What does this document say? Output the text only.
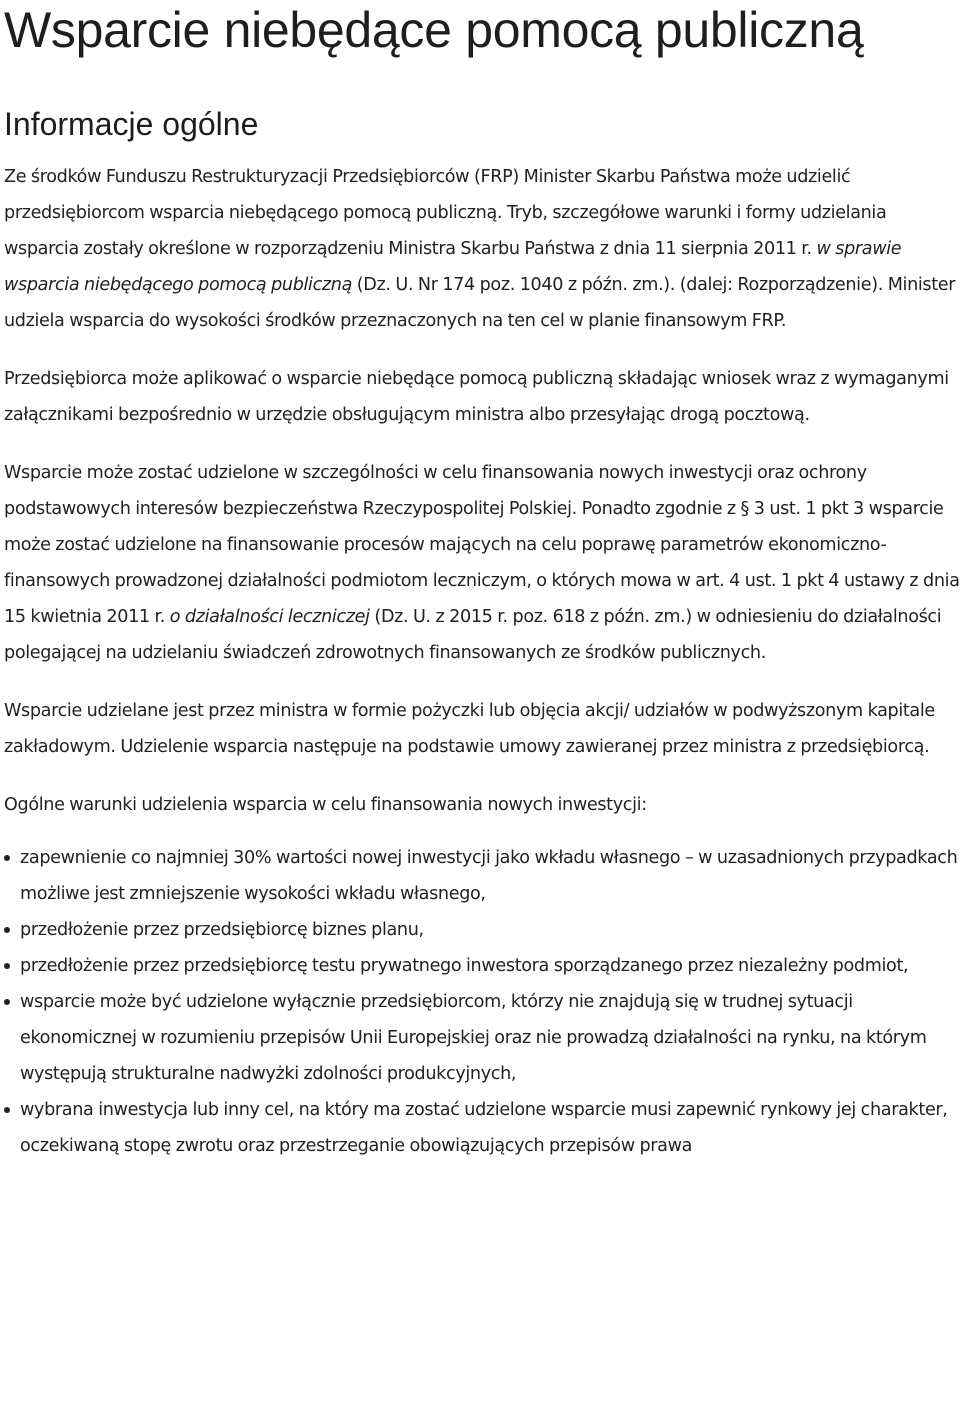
Wsparcie niebędące pomocą publiczną
Informacje ogólne

Ze środków Funduszu Restrukturyzacji Przedsiębiorców (FRP) Minister Skarbu Państwa może udzielić przedsiębiorcom wsparcia niebędącego pomocą publiczną. Tryb, szczegółowe warunki i formy udzielania wsparcia zostały określone w rozporządzeniu Ministra Skarbu Państwa z dnia 11 sierpnia 2011 r. w sprawie wsparcia niebędącego pomocą publiczną (Dz. U. Nr 174 poz. 1040 z późn. zm.). (dalej: Rozporządzenie). Minister udziela wsparcia do wysokości środków przeznaczonych na ten cel w planie finansowym FRP.

Przedsiębiorca może aplikować o wsparcie niebędące pomocą publiczną składając wniosek wraz z wymaganymi załącznikami bezpośrednio w urzędzie obsługującym ministra albo przesyłając drogą pocztową.

Wsparcie może zostać udzielone w szczególności w celu finansowania nowych inwestycji oraz ochrony podstawowych interesów bezpieczeństwa Rzeczypospolitej Polskiej. Ponadto zgodnie z § 3 ust. 1 pkt 3 wsparcie może zostać udzielone na finansowanie procesów mających na celu poprawę parametrów ekonomiczno-finansowych prowadzonej działalności podmiotom leczniczym, o których mowa w art. 4 ust. 1 pkt 4 ustawy z dnia 15 kwietnia 2011 r. o działalności leczniczej (Dz. U. z 2015 r. poz. 618 z późn. zm.) w odniesieniu do działalności polegającej na udzielaniu świadczeń zdrowotnych finansowanych ze środków publicznych.

Wsparcie udzielane jest przez ministra w formie pożyczki lub objęcia akcji/ udziałów w podwyższonym kapitale zakładowym. Udzielenie wsparcia następuje na podstawie umowy zawieranej przez ministra z przedsiębiorcą.

Ogólne warunki udzielenia wsparcia w celu finansowania nowych inwestycji:

zapewnienie co najmniej 30% wartości nowej inwestycji jako wkładu własnego – w uzasadnionych przypadkach możliwe jest zmniejszenie wysokości wkładu własnego,
przedłożenie przez przedsiębiorcę biznes planu,
przedłożenie przez przedsiębiorcę testu prywatnego inwestora sporządzanego przez niezależny podmiot,
wsparcie może być udzielone wyłącznie przedsiębiorcom, którzy nie znajdują się w trudnej sytuacji ekonomicznej w rozumieniu przepisów Unii Europejskiej oraz nie prowadzą działalności na rynku, na którym występują strukturalne nadwyżki zdolności produkcyjnych,
wybrana inwestycja lub inny cel, na który ma zostać udzielone wsparcie musi zapewnić rynkowy jej charakter, oczekiwaną stopę zwrotu oraz przestrzeganie obowiązujących przepisów prawa
